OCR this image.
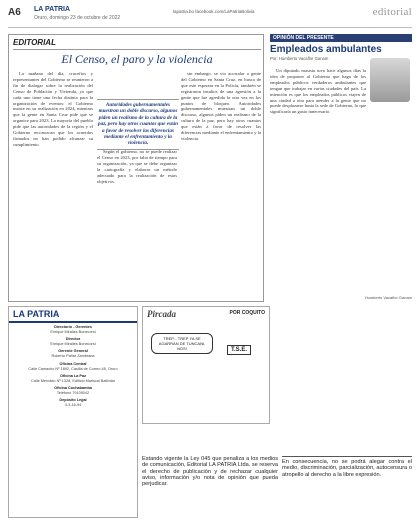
A6 LA PATRIA
Oruro, domingo 23 de octubre de 2022
lapatria.bo facebook.com/LaPatriaBolivia	editorial
EDITORIAL
El Censo, el paro y la violencia

La mañana del día, crucefios y representantes del Gobierno se reunieron a fin de dialogar sobre la realización del Censo de Población y Vivienda, ya que cada uno tiene una fecha distinta para la organización de eventos: el Gobierno insiste en su realización en 2024, mientras que la gente en Santa Cruz pide que se organice para 2023. La mayoría del pueblo pide que las autoridades de la región y el Gobierno reconozcan que los acuerdos firmados no han podido alcanzar su cumplimiento.

Autoridades gubernamentales muestran un doble discurso, algunos piden un realismo de la cultura de la paz, pero hay otros cuantos que están a favor de resolver las diferencias mediante el enfrentamiento y la violencia.

Según el gobierno, no se puede realizar el Censo en 2023, por falta de tiempo para su organización, ya que se debe organizar la cartografía y elaborar un método adecuado para la realización de estos objetivos.

sin embargo, se vio acorralar a gente del Gobierno en Santa Cruz, en busca de que este esperara en la Policía, también se registraron insultos de una agresión a la gente que fue agredida la otra vez en los puntos de bloqueo. Autoridades gubernamentales muestran un doble discurso, algunos piden un realismo de la cultura de la paz, pero hay otros cuantos que están a favor de resolver las diferencias mediante el enfrentamiento y la violencia.

OPINIÓN DEL PRESENTE
Empleados ambulantes
Por: Humberto Vacaflor Ganam

Un diputado masista tuvo hace algunos días la idea de proponer al Gobierno que haga de los empleados públicos verdaderos ambulantes que tengan que trabajar en varias ciudades del país. La intención es que los empleados públicos viajen de una ciudad a otra para atender a la gente que no puede desplazarse hasta la sede de Gobierno, lo que significaría un gasto innecesario.

Humberto Vacaflor Ganam
LA PATRIA
Directorio - Gerentes
Enrique Miralles Bonecorsi
Director
Enrique Miralles Bonecorsi
Gerente General
Roberto Pañar Zambrana
Oficina Central
Calle Camacho Nº 1892, Casilla de Correo 48, Oruro
Oficina La Paz
Calle Mercado Nº 1328, Edificio Mariscal Ballivián
Oficina Cochabamba
Teléfono 79109042
Depósito Legal
4-3-16-94
Pircada	POR COQUITO
TREP... TREP YA SE AGARRAN DE TUNCANI, NOS!	T.S.E.
Estando vigente la Ley 045 que penaliza a los medios de comunicación, Editorial LA PATRIA Ltda. se reserva el derecho de publicación y de rechazar cualquier aviso, información y/o nota de opinión que pueda perjudicar.
En consecuencia, no se podrá alegar contra el medio, discriminación, parcialización, autocensura o atropello al derecho a la libre expresión.
